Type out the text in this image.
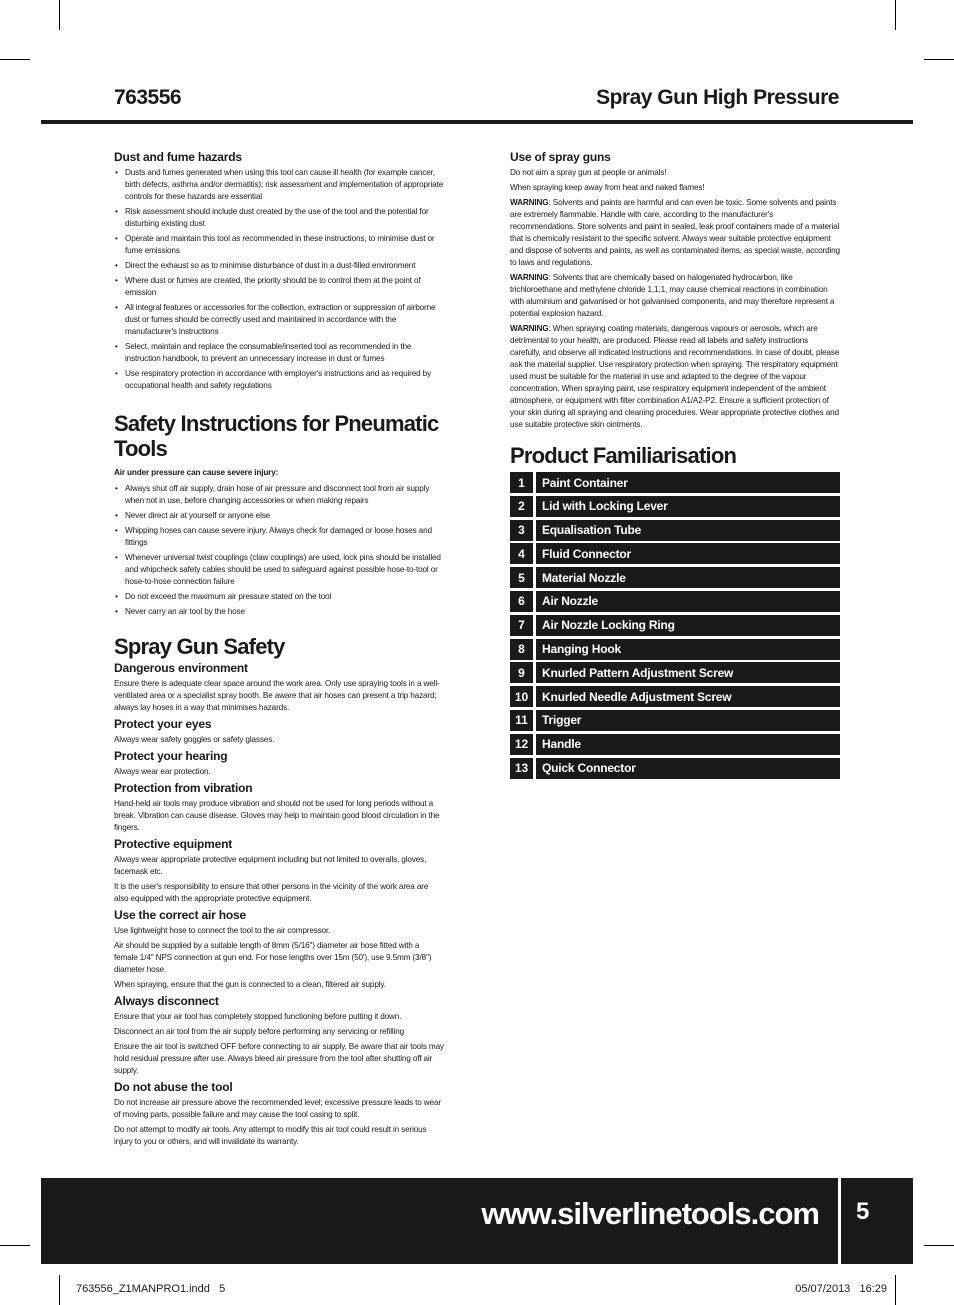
763556	Spray Gun High Pressure
Dust and fume hazards
• Dusts and fumes generated when using this tool can cause ill health (for example cancer, birth defects, asthma and/or dermatitis); risk assessment and implementation of appropriate controls for these hazards are essential
• Risk assessment should include dust created by the use of the tool and the potential for disturbing existing dust
• Operate and maintain this tool as recommended in these instructions, to minimise dust or fume emissions
• Direct the exhaust so as to minimise disturbance of dust in a dust-filled environment
• Where dust or fumes are created, the priority should be to control them at the point of emission
• All integral features or accessories for the collection, extraction or suppression of airborne dust or fumes should be correctly used and maintained in accordance with the manufacturer's instructions
• Select, maintain and replace the consumable/inserted tool as recommended in the instruction handbook, to prevent an unnecessary increase in dust or fumes
• Use respiratory protection in accordance with employer's instructions and as required by occupational health and safety regulations
Safety Instructions for Pneumatic Tools
Air under pressure can cause severe injury:
• Always shut off air supply, drain hose of air pressure and disconnect tool from air supply when not in use, before changing accessories or when making repairs
• Never direct air at yourself or anyone else
• Whipping hoses can cause severe injury. Always check for damaged or loose hoses and fittings
• Whenever universal twist couplings (claw couplings) are used, lock pins should be installed and whipcheck safety cables should be used to safeguard against possible hose-to-tool or hose-to-hose connection failure
• Do not exceed the maximum air pressure stated on the tool
• Never carry an air tool by the hose
Spray Gun Safety
Dangerous environment
Ensure there is adequate clear space around the work area. Only use spraying tools in a well-ventilated area or a specialist spray booth. Be aware that air hoses can present a trip hazard; always lay hoses in a way that minimises hazards.
Protect your eyes
Always wear safety goggles or safety glasses.
Protect your hearing
Always wear ear protection.
Protection from vibration
Hand-held air tools may produce vibration and should not be used for long periods without a break. Vibration can cause disease. Gloves may help to maintain good blood circulation in the fingers.
Protective equipment
Always wear appropriate protective equipment including but not limited to overalls, gloves, facemask etc.
It is the user's responsibility to ensure that other persons in the vicinity of the work area are also equipped with the appropriate protective equipment.
Use the correct air hose
Use lightweight hose to connect the tool to the air compressor.
Air should be supplied by a suitable length of 8mm (5/16") diameter air hose fitted with a female 1/4" NPS connection at gun end. For hose lengths over 15m (50'), use 9.5mm (3/8") diameter hose.
When spraying, ensure that the gun is connected to a clean, filtered air supply.
Always disconnect
Ensure that your air tool has completely stopped functioning before putting it down.
Disconnect an air tool from the air supply before performing any servicing or refilling
Ensure the air tool is switched OFF before connecting to air supply. Be aware that air tools may hold residual pressure after use. Always bleed air pressure from the tool after shutting off air supply.
Do not abuse the tool
Do not increase air pressure above the recommended level; excessive pressure leads to wear of moving parts, possible failure and may cause the tool casing to split.
Do not attempt to modify air tools. Any attempt to modify this air tool could result in serious injury to you or others, and will invalidate its warranty.
Use of spray guns
Do not aim a spray gun at people or animals!
When spraying keep away from heat and naked flames!
WARNING: Solvents and paints are harmful and can even be toxic. Some solvents and paints are extremely flammable. Handle with care, according to the manufacturer's recommendations. Store solvents and paint in sealed, leak proof containers made of a material that is chemically resistant to the specific solvent. Always wear suitable protective equipment and dispose of solvents and paints, as well as contaminated items, as special waste, according to laws and regulations.
WARNING: Solvents that are chemically based on halogenated hydrocarbon, like trichloroethane and methylene chloride 1,1,1, may cause chemical reactions in combination with aluminium and galvanised or hot galvanised components, and may therefore represent a potential explosion hazard.
WARNING: When spraying coating materials, dangerous vapours or aerosols, which are detrimental to your health, are produced. Please read all labels and safety instructions carefully, and observe all indicated instructions and recommendations. In case of doubt, please ask the material supplier. Use respiratory protection when spraying. The respiratory equipment used must be suitable for the material in use and adapted to the degree of the vapour concentration. When spraying paint, use respiratory equipment independent of the ambient atmosphere, or equipment with filter combination A1/A2-P2. Ensure a sufficient protection of your skin during all spraying and cleaning procedures. Wear appropriate protective clothes and use suitable protective skin ointments.
Product Familiarisation
1	Paint Container
2	Lid with Locking Lever
3	Equalisation Tube
4	Fluid Connector
5	Material Nozzle
6	Air Nozzle
7	Air Nozzle Locking Ring
8	Hanging Hook
9	Knurled Pattern Adjustment Screw
10	Knurled Needle Adjustment Screw
11	Trigger
12	Handle
13	Quick Connector
www.silverlinetools.com 5
763556_Z1MANPRO1.indd   5	05/07/2013   16:29
